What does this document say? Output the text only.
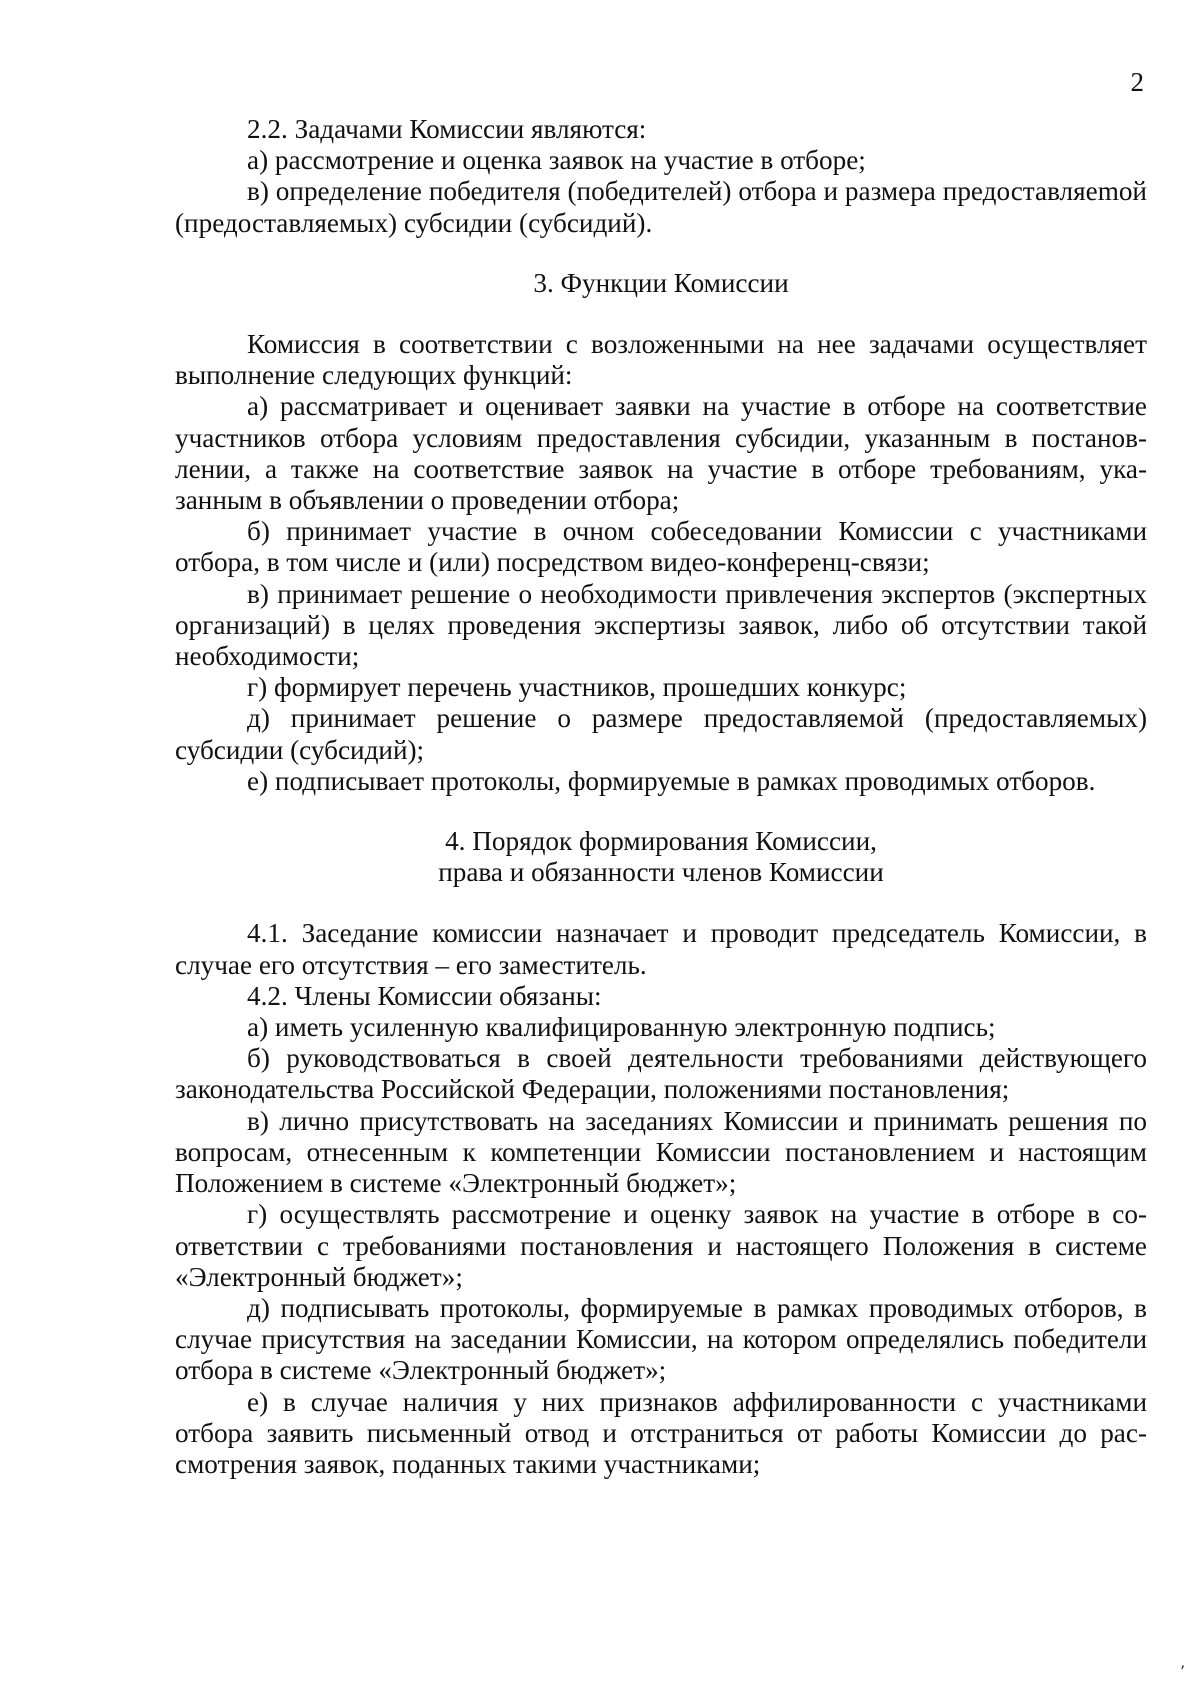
2

2.2. Задачами Комиссии являются:

а) рассмотрение и оценка заявок на участие в отборе;

в) определение победителя (победителей) отбора и размера предоставляemой (предоставляемых) субсидии (субсидий).

3. Функции Комиссии

Комиссия в соответствии с возложенными на нее задачами осуществляет выполнение следующих функций:

а) рассматривает и оценивает заявки на участие в отборе на соответствие участников отбора условиям предоставления субсидии, указанным в постановлении, а также на соответствие заявок на участие в отборе требованиям, указанным в объявлении о проведении отбора;

б) принимает участие в очном собеседовании Комиссии с участниками отбора, в том числе и (или) посредством видео-конференц-связи;

в) принимает решение о необходимости привлечения экспертов (экспертных организаций) в целях проведения экспертизы заявок, либо об отсутствии такой необходимости;

г) формирует перечень участников, прошедших конкурс;

д) принимает решение о размере предоставляемой (предоставляемых) субсидии (субсидий);

е) подписывает протоколы, формируемые в рамках проводимых отборов.

4. Порядок формирования Комиссии,
права и обязанности членов Комиссии

4.1. Заседание комиссии назначает и проводит председатель Комиссии, в случае его отсутствия – его заместитель.

4.2. Члены Комиссии обязаны:

а) иметь усиленную квалифицированную электронную подпись;

б) руководствоваться в своей деятельности требованиями действующего законодательства Российской Федерации, положениями постановления;

в) лично присутствовать на заседаниях Комиссии и принимать решения по вопросам, отнесенным к компетенции Комиссии постановлением и настоящим Положением в системе «Электронный бюджет»;

г) осуществлять рассмотрение и оценку заявок на участие в отборе в соответствии с требованиями постановления и настоящего Положения в системе «Электронный бюджет»;

д) подписывать протоколы, формируемые в рамках проводимых отборов, в случае присутствия на заседании Комиссии, на котором определялись победители отбора в системе «Электронный бюджет»;

е) в случае наличия у них признаков аффилированности с участниками отбора заявить письменный отвод и отстраниться от работы Комиссии до рассмотрения заявок, поданных такими участниками;

’
